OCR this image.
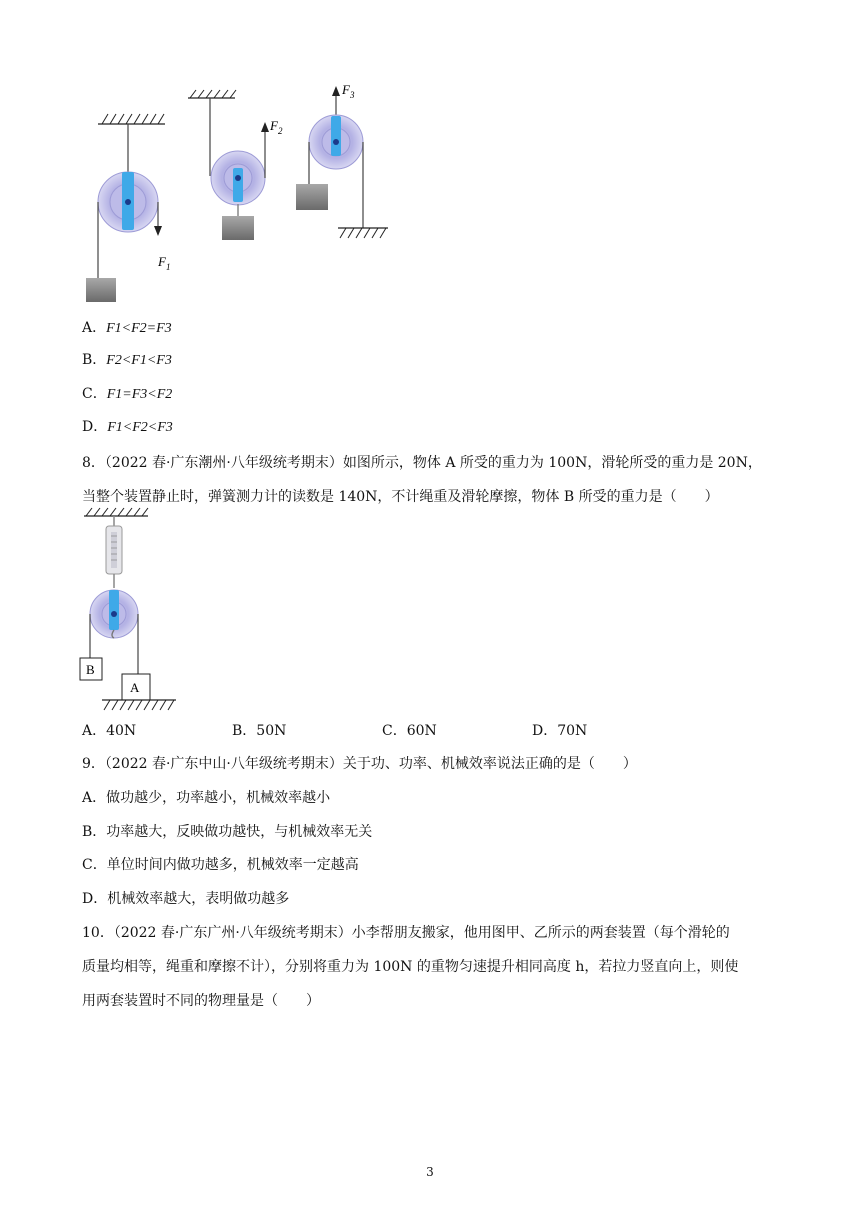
$F_1$
$F_2$
$F_3$
A．F1<F2=F3
B．F2<F1<F3
C．F1=F3<F2
D．F1<F2<F3
8．（2022 春·广东潮州·八年级统考期末）如图所示，物体 A 所受的重力为 100N，滑轮所受的重力是 20N，
当整个装置静止时，弹簧测力计的读数是 140N，不计绳重及滑轮摩擦，物体 B 所受的重力是（　　）
B
A
A．40N	B．50N	C．60N	D．70N
9．（2022 春·广东中山·八年级统考期末）关于功、功率、机械效率说法正确的是（　　）
A．做功越少，功率越小，机械效率越小
B．功率越大，反映做功越快，与机械效率无关
C．单位时间内做功越多，机械效率一定越高
D．机械效率越大，表明做功越多
10．（2022 春·广东广州·八年级统考期末）小李帮朋友搬家，他用图甲、乙所示的两套装置（每个滑轮的
质量均相等，绳重和摩擦不计），分别将重力为 100N 的重物匀速提升相同高度 h，若拉力竖直向上，则使
用两套装置时不同的物理量是（　　）
3
